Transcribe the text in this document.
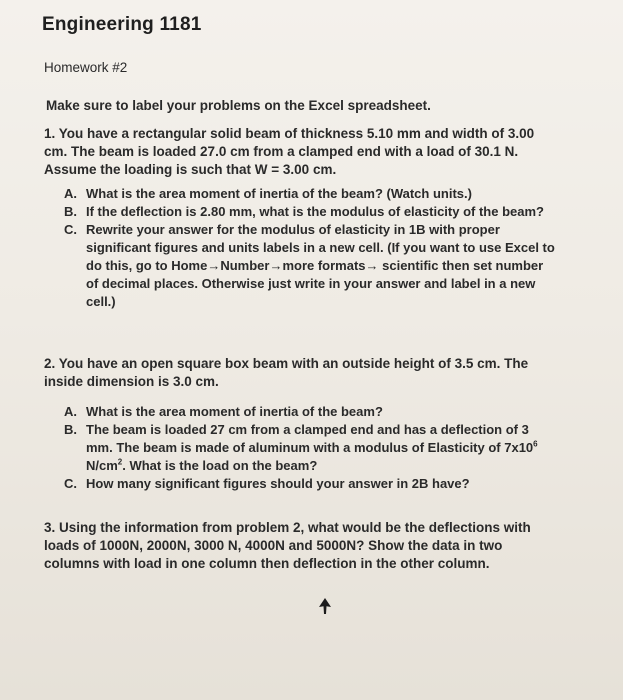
Engineering 1181
Homework #2
Make sure to label your problems on the Excel spreadsheet.
1. You have a rectangular solid beam of thickness 5.10 mm and width of 3.00 cm. The beam is loaded 27.0 cm from a clamped end with a load of 30.1 N. Assume the loading is such that W = 3.00 cm.
A. What is the area moment of inertia of the beam? (Watch units.)
B. If the deflection is 2.80 mm, what is the modulus of elasticity of the beam?
C. Rewrite your answer for the modulus of elasticity in 1B with proper significant figures and units labels in a new cell. (If you want to use Excel to do this, go to Home→Number→more formats→ scientific then set number of decimal places. Otherwise just write in your answer and label in a new cell.)
2. You have an open square box beam with an outside height of 3.5 cm. The inside dimension is 3.0 cm.
A. What is the area moment of inertia of the beam?
B. The beam is loaded 27 cm from a clamped end and has a deflection of 3 mm. The beam is made of aluminum with a modulus of Elasticity of $7x10^6$ $N/cm^2$. What is the load on the beam?
C. How many significant figures should your answer in 2B have?
3. Using the information from problem 2, what would be the deflections with loads of 1000N, 2000N, 3000 N, 4000N and 5000N? Show the data in two columns with load in one column then deflection in the other column.
